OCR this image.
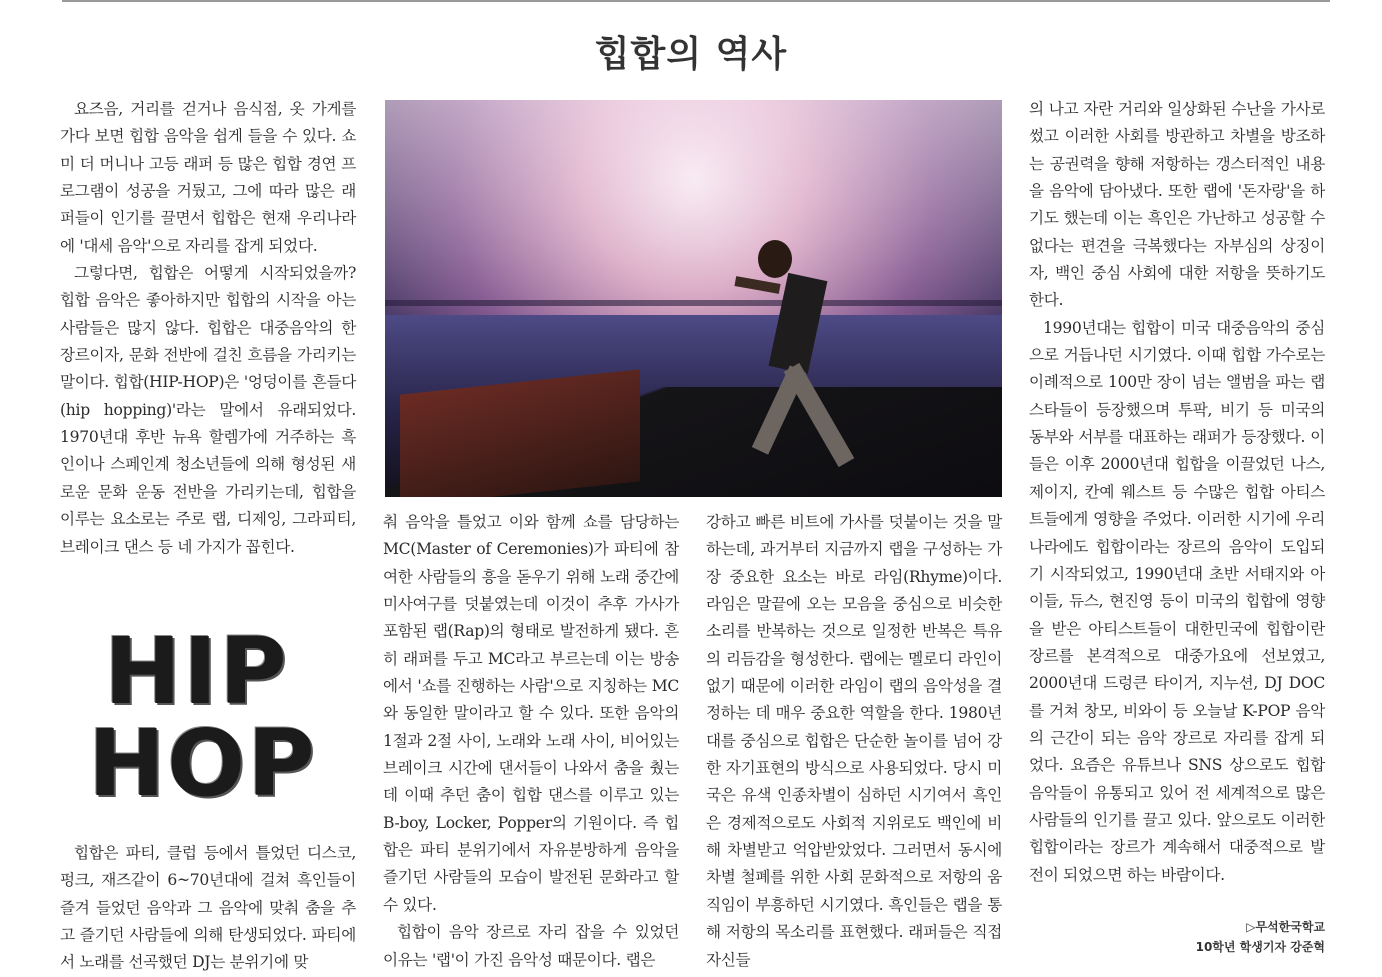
힙합의 역사

요즈음, 거리를 걷거나 음식점, 옷 가게를 가다 보면 힙합 음악을 쉽게 들을 수 있다. 쇼미 더 머니나 고등 래퍼 등 많은 힙합 경연 프로그램이 성공을 거뒀고, 그에 따라 많은 래퍼들이 인기를 끌면서 힙합은 현재 우리나라에 '대세 음악'으로 자리를 잡게 되었다.

그렇다면, 힙합은 어떻게 시작되었을까? 힙합 음악은 좋아하지만 힙합의 시작을 아는 사람들은 많지 않다. 힙합은 대중음악의 한 장르이자, 문화 전반에 걸친 흐름을 가리키는 말이다. 힙합(HIP-HOP)은 '엉덩이를 흔들다(hip hopping)'라는 말에서 유래되었다. 1970년대 후반 뉴욕 할렘가에 거주하는 흑인이나 스페인계 청소년들에 의해 형성된 새로운 문화 운동 전반을 가리키는데, 힙합을 이루는 요소로는 주로 랩, 디제잉, 그라피티, 브레이크 댄스 등 네 가지가 꼽힌다.

HIP
HOP

힙합은 파티, 클럽 등에서 틀었던 디스코, 펑크, 재즈같이 6~70년대에 걸쳐 흑인들이 즐겨 들었던 음악과 그 음악에 맞춰 춤을 추고 즐기던 사람들에 의해 탄생되었다. 파티에서 노래를 선곡했던 DJ는 분위기에 맞

춰 음악을 틀었고 이와 함께 쇼를 담당하는 MC(Master of Ceremonies)가 파티에 참여한 사람들의 흥을 돋우기 위해 노래 중간에 미사여구를 덧붙였는데 이것이 추후 가사가 포함된 랩(Rap)의 형태로 발전하게 됐다. 흔히 래퍼를 두고 MC라고 부르는데 이는 방송에서 '쇼를 진행하는 사람'으로 지칭하는 MC와 동일한 말이라고 할 수 있다. 또한 음악의 1절과 2절 사이, 노래와 노래 사이, 비어있는 브레이크 시간에 댄서들이 나와서 춤을 췄는데 이때 추던 춤이 힙합 댄스를 이루고 있는 B-boy, Locker, Popper의 기원이다. 즉 힙합은 파티 분위기에서 자유분방하게 음악을 즐기던 사람들의 모습이 발전된 문화라고 할 수 있다.

힙합이 음악 장르로 자리 잡을 수 있었던 이유는 '랩'이 가진 음악성 때문이다. 랩은

강하고 빠른 비트에 가사를 덧붙이는 것을 말하는데, 과거부터 지금까지 랩을 구성하는 가장 중요한 요소는 바로 라임(Rhyme)이다. 라임은 말끝에 오는 모음을 중심으로 비슷한 소리를 반복하는 것으로 일정한 반복은 특유의 리듬감을 형성한다. 랩에는 멜로디 라인이 없기 때문에 이러한 라임이 랩의 음악성을 결정하는 데 매우 중요한 역할을 한다. 1980년대를 중심으로 힙합은 단순한 놀이를 넘어 강한 자기표현의 방식으로 사용되었다. 당시 미국은 유색 인종차별이 심하던 시기여서 흑인은 경제적으로도 사회적 지위로도 백인에 비해 차별받고 억압받았었다. 그러면서 동시에 차별 철폐를 위한 사회 문화적으로 저항의 움직임이 부흥하던 시기였다. 흑인들은 랩을 통해 저항의 목소리를 표현했다. 래퍼들은 직접 자신들

의 나고 자란 거리와 일상화된 수난을 가사로 썼고 이러한 사회를 방관하고 차별을 방조하는 공권력을 향해 저항하는 갱스터적인 내용을 음악에 담아냈다. 또한 랩에 '돈자랑'을 하기도 했는데 이는 흑인은 가난하고 성공할 수 없다는 편견을 극복했다는 자부심의 상징이자, 백인 중심 사회에 대한 저항을 뜻하기도 한다.

1990년대는 힙합이 미국 대중음악의 중심으로 거듭나던 시기였다. 이때 힙합 가수로는 이례적으로 100만 장이 넘는 앨범을 파는 랩 스타들이 등장했으며 투팍, 비기 등 미국의 동부와 서부를 대표하는 래퍼가 등장했다. 이들은 이후 2000년대 힙합을 이끌었던 나스, 제이지, 칸예 웨스트 등 수많은 힙합 아티스트들에게 영향을 주었다. 이러한 시기에 우리나라에도 힙합이라는 장르의 음악이 도입되기 시작되었고, 1990년대 초반 서태지와 아이들, 듀스, 현진영 등이 미국의 힙합에 영향을 받은 아티스트들이 대한민국에 힙합이란 장르를 본격적으로 대중가요에 선보였고, 2000년대 드렁큰 타이거, 지누션, DJ DOC를 거쳐 창모, 비와이 등 오늘날 K-POP 음악의 근간이 되는 음악 장르로 자리를 잡게 되었다. 요즘은 유튜브나 SNS 상으로도 힙합 음악들이 유통되고 있어 전 세계적으로 많은 사람들의 인기를 끌고 있다. 앞으로도 이러한 힙합이라는 장르가 계속해서 대중적으로 발전이 되었으면 하는 바람이다.

▷무석한국학교
10학년 학생기자 강준혁
